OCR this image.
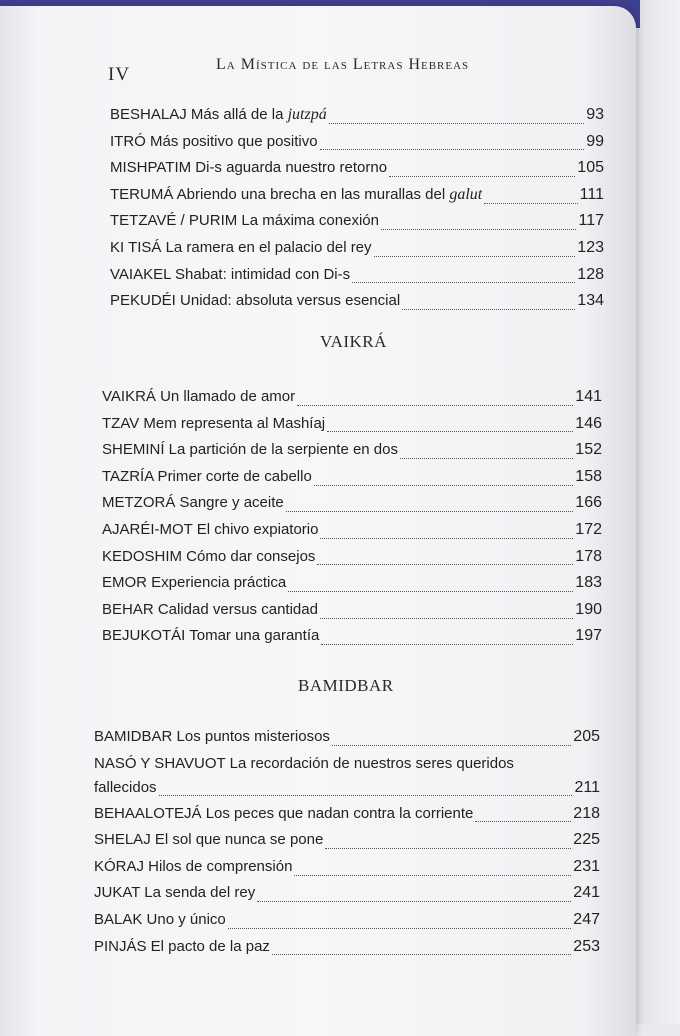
IV	La Mística de las Letras Hebreas
BESHALAJ Más allá de la jutzpá	93
ITRÓ Más positivo que positivo	99
MISHPATIM Di-s aguarda nuestro retorno	105
TERUMÁ Abriendo una brecha en las murallas del galut	111
TETZAVÉ / PURIM La máxima conexión	117
KI TISÁ La ramera en el palacio del rey	123
VAIAKEL Shabat: intimidad con Di-s	128
PEKUDÉI Unidad: absoluta versus esencial	134
VAIKRÁ
VAIKRÁ Un llamado de amor	141
TZAV Mem representa al Mashíaj	146
SHEMINÍ La partición de la serpiente en dos	152
TAZRÍA Primer corte de cabello	158
METZORÁ Sangre y aceite	166
AJARÉI-MOT El chivo expiatorio	172
KEDOSHIM Cómo dar consejos	178
EMOR Experiencia práctica	183
BEHAR Calidad versus cantidad	190
BEJUKOTÁI Tomar una garantía	197
BAMIDBAR
BAMIDBAR Los puntos misteriosos	205
NASÓ Y SHAVUOT La recordación de nuestros seres queridos
fallecidos	211
BEHAALOTEJÁ Los peces que nadan contra la corriente	218
SHELAJ El sol que nunca se pone	225
KÓRAJ Hilos de comprensión	231
JUKAT La senda del rey	241
BALAK Uno y único	247
PINJÁS El pacto de la paz	253
